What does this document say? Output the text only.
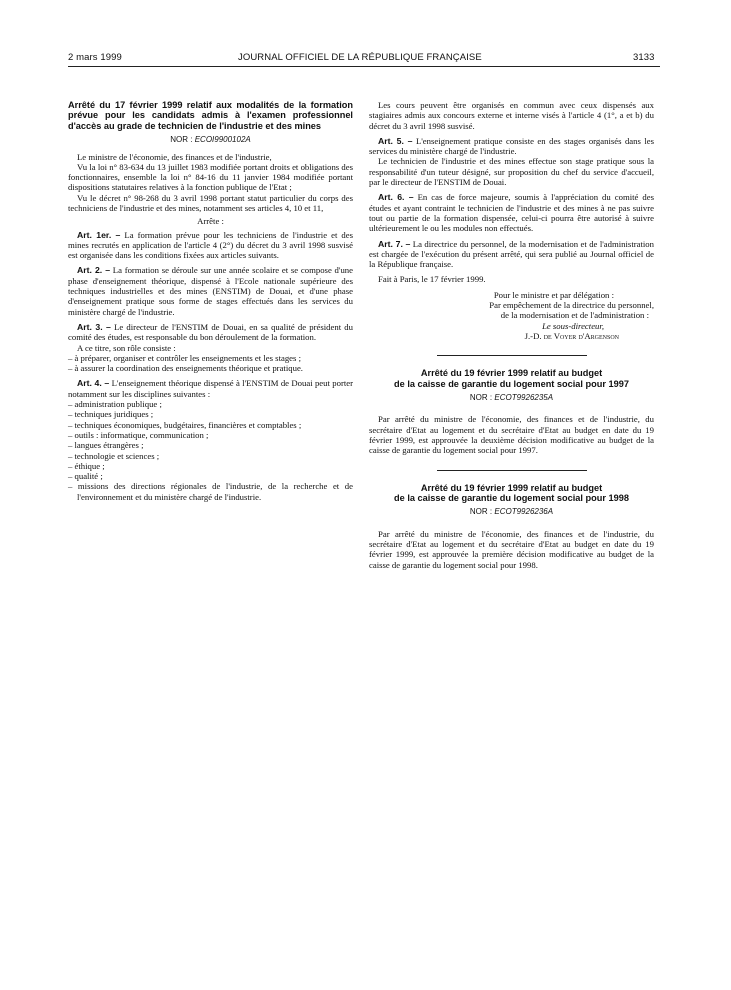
2 mars 1999	JOURNAL OFFICIEL DE LA RÉPUBLIQUE FRANÇAISE	3133
Arrêté du 17 février 1999 relatif aux modalités de la formation prévue pour les candidats admis à l'examen professionnel d'accès au grade de technicien de l'industrie et des mines
NOR : ECOI9900102A

Le ministre de l'économie, des finances et de l'industrie,

Vu la loi n° 83-634 du 13 juillet 1983 modifiée portant droits et obligations des fonctionnaires, ensemble la loi n° 84-16 du 11 janvier 1984 modifiée portant dispositions statutaires relatives à la fonction publique de l'Etat ;

Vu le décret n° 98-268 du 3 avril 1998 portant statut particulier du corps des techniciens de l'industrie et des mines, notamment ses articles 4, 10 et 11,

Arrête :

Art. 1er. – La formation prévue pour les techniciens de l'industrie et des mines recrutés en application de l'article 4 (2°) du décret du 3 avril 1998 susvisé est organisée dans les conditions fixées aux articles suivants.

Art. 2. – La formation se déroule sur une année scolaire et se compose d'une phase d'enseignement théorique, dispensé à l'Ecole nationale supérieure des techniques industrielles et des mines (ENSTIM) de Douai, et d'une phase d'enseignement pratique sous forme de stages effectués dans les services du ministère chargé de l'industrie.

Art. 3. – Le directeur de l'ENSTIM de Douai, en sa qualité de président du comité des études, est responsable du bon déroulement de la formation.

A ce titre, son rôle consiste :

– à préparer, organiser et contrôler les enseignements et les stages ;
– à assurer la coordination des enseignements théorique et pratique.

Art. 4. – L'enseignement théorique dispensé à l'ENSTIM de Douai peut porter notamment sur les disciplines suivantes :

– administration publique ;
– techniques juridiques ;
– techniques économiques, budgétaires, financières et comptables ;
– outils : informatique, communication ;
– langues étrangères ;
– technologie et sciences ;
– éthique ;
– qualité ;
– missions des directions régionales de l'industrie, de la recherche et de l'environnement et du ministère chargé de l'industrie.

Les cours peuvent être organisés en commun avec ceux dispensés aux stagiaires admis aux concours externe et interne visés à l'article 4 (1°, a et b) du décret du 3 avril 1998 susvisé.

Art. 5. – L'enseignement pratique consiste en des stages organisés dans les services du ministère chargé de l'industrie.

Le technicien de l'industrie et des mines effectue son stage pratique sous la responsabilité d'un tuteur désigné, sur proposition du chef du service d'accueil, par le directeur de l'ENSTIM de Douai.

Art. 6. – En cas de force majeure, soumis à l'appréciation du comité des études et ayant contraint le technicien de l'industrie et des mines à ne pas suivre tout ou partie de la formation dispensée, celui-ci pourra être autorisé à suivre ultérieurement le ou les modules non effectués.

Art. 7. – La directrice du personnel, de la modernisation et de l'administration est chargée de l'exécution du présent arrêté, qui sera publié au Journal officiel de la République française.

Fait à Paris, le 17 février 1999.

Pour le ministre et par délégation :

Par empêchement de la directrice du personnel,

de la modernisation et de l'administration :

Le sous-directeur,

J.-D. de Voyer d'Argenson

Arrêté du 19 février 1999 relatif au budget
de la caisse de garantie du logement social pour 1997
NOR : ECOT9926235A

Par arrêté du ministre de l'économie, des finances et de l'industrie, du secrétaire d'Etat au logement et du secrétaire d'Etat au budget en date du 19 février 1999, est approuvée la deuxième décision modificative au budget de la caisse de garantie du logement social pour 1997.

Arrêté du 19 février 1999 relatif au budget
de la caisse de garantie du logement social pour 1998
NOR : ECOT9926236A

Par arrêté du ministre de l'économie, des finances et de l'industrie, du secrétaire d'Etat au logement et du secrétaire d'Etat au budget en date du 19 février 1999, est approuvée la première décision modificative au budget de la caisse de garantie du logement social pour 1998.
